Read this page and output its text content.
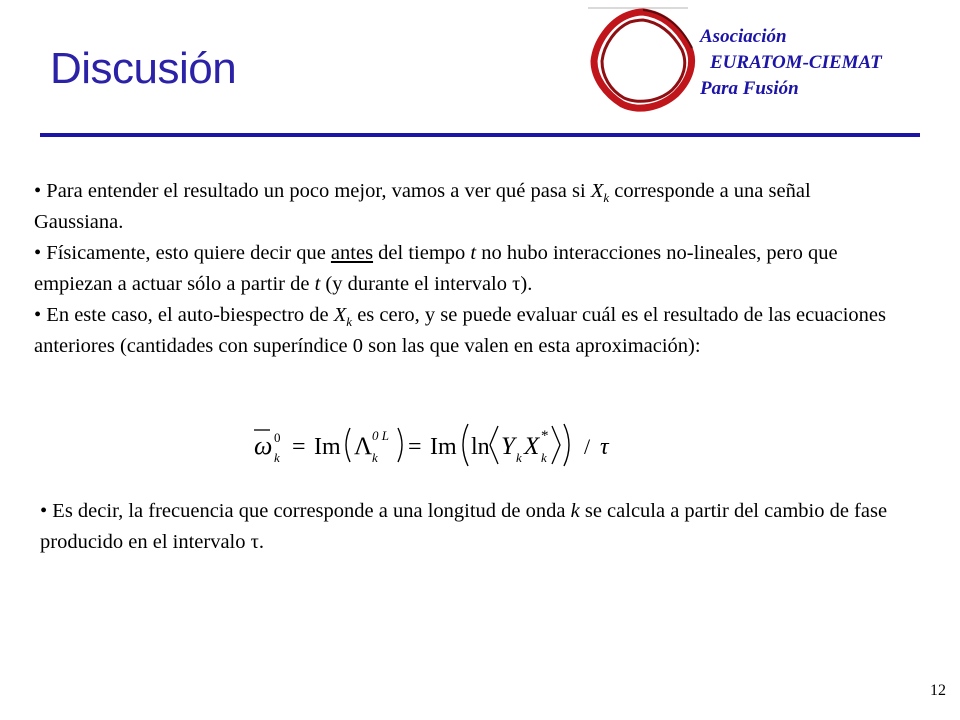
Discusión
Asociación
EURATOM-CIEMAT
Para Fusión

• Para entender el resultado un poco mejor, vamos a ver qué pasa si $X_k$ corresponde a una señal Gaussiana.

• Físicamente, esto quiere decir que antes del tiempo t no hubo interacciones no-lineales, pero que empiezan a actuar sólo a partir de t (y durante el intervalo τ).

• En este caso, el auto-biespectro de $X_k$ es cero, y se puede evaluar cuál es el resultado de las ecuaciones anteriores (cantidades con superíndice 0 son las que valen en esta aproximación):

ω 0
k = Im Λ 0 L
k = Im ln Y k X *
k / τ

• Es decir, la frecuencia que corresponde a una longitud de onda k se calcula a partir del cambio de fase producido en el intervalo τ.

12
